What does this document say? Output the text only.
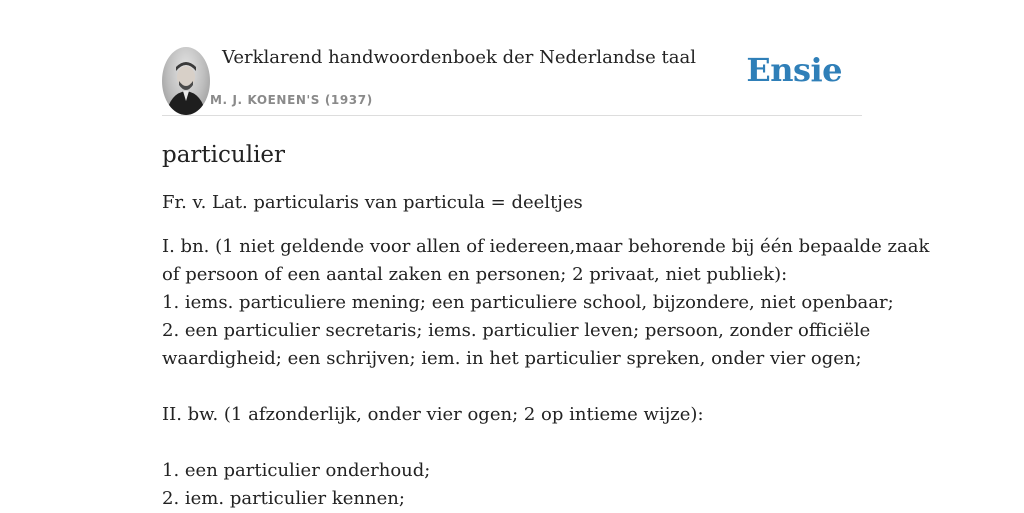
Verklarend handwoordenboek der Nederlandse taal
M. J. KOENEN'S (1937)
Ensie
particulier

Fr. v. Lat. particularis van particula = deeltjes

I. bn. (1 niet geldende voor allen of iedereen,maar behorende bij één bepaalde zaak
of persoon of een aantal zaken en personen; 2 privaat, niet publiek):
1. iems. particuliere mening; een particuliere school, bijzondere, niet openbaar;
2. een particulier secretaris; iems. particulier leven; persoon, zonder officiële
waardigheid; een schrijven; iem. in het particulier spreken, onder vier ogen;
II. bw. (1 afzonderlijk, onder vier ogen; 2 op intieme wijze):
1. een particulier onderhoud;
2. iem. particulier kennen;
